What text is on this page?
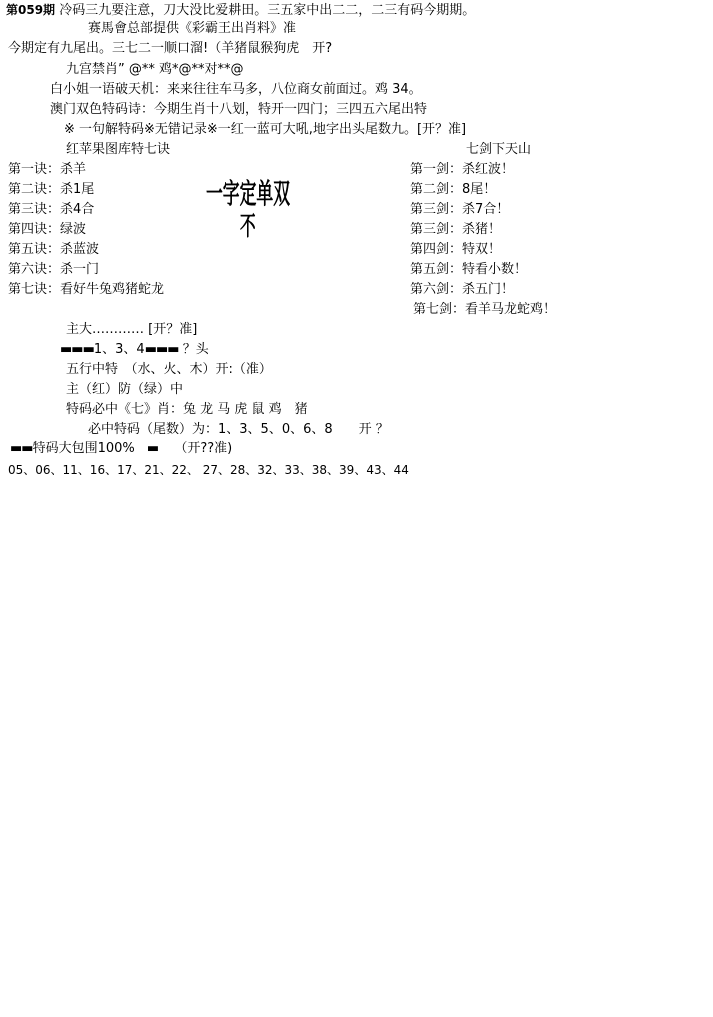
第059期 冷码三九要注意，刀大没比爱耕田。三五家中出二二，二三有码今期期。
赛馬會总部提供《彩霸王出肖料》准
今期定有九尾出。三七二一顺口溜!（羊猪鼠猴狗虎　开?
九宫禁肖” @** 鸡*@**对**@
白小姐一语破天机：来来往往车马多，八位商女前面过。鸡 34。
澳门双色特码诗：今期生肖十八划，特开一四门；三四五六尾出特
※ 一句解特码※无错记录※一红一蓝可大吼,地字出头尾数九。[开？准]
红苹果图库特七诀
第一诀：杀羊
第二诀：杀1尾
第三诀：杀4合
第四诀：绿波
第五诀：杀蓝波
第六诀：杀一门
第七诀：看好牛兔鸡猪蛇龙
一字定单双
不
七剑下天山
第一剑：杀红波！
第二剑：8尾！
第三剑：杀7合！
第三剑：杀猪！
第四剑：特双！
第五剑：特看小数！
第六剑：杀五门！
第七剑：看羊马龙蛇鸡！
主大………… [开？准]
▬▬▬1、3、4▬▬▬ ？头
五行中特　（水、火、木）开:（准）
主（红）防（绿）中
特码必中《七》肖：兔 龙 马 虎 鼠 鸡　猪
必中特码（尾数）为：1、3、5、0、6、8　　开 ？
▬▬特码大包围100% ▬ （开??准)
05、06、11、16、17、21、22、 27、28、32、33、38、39、43、44
